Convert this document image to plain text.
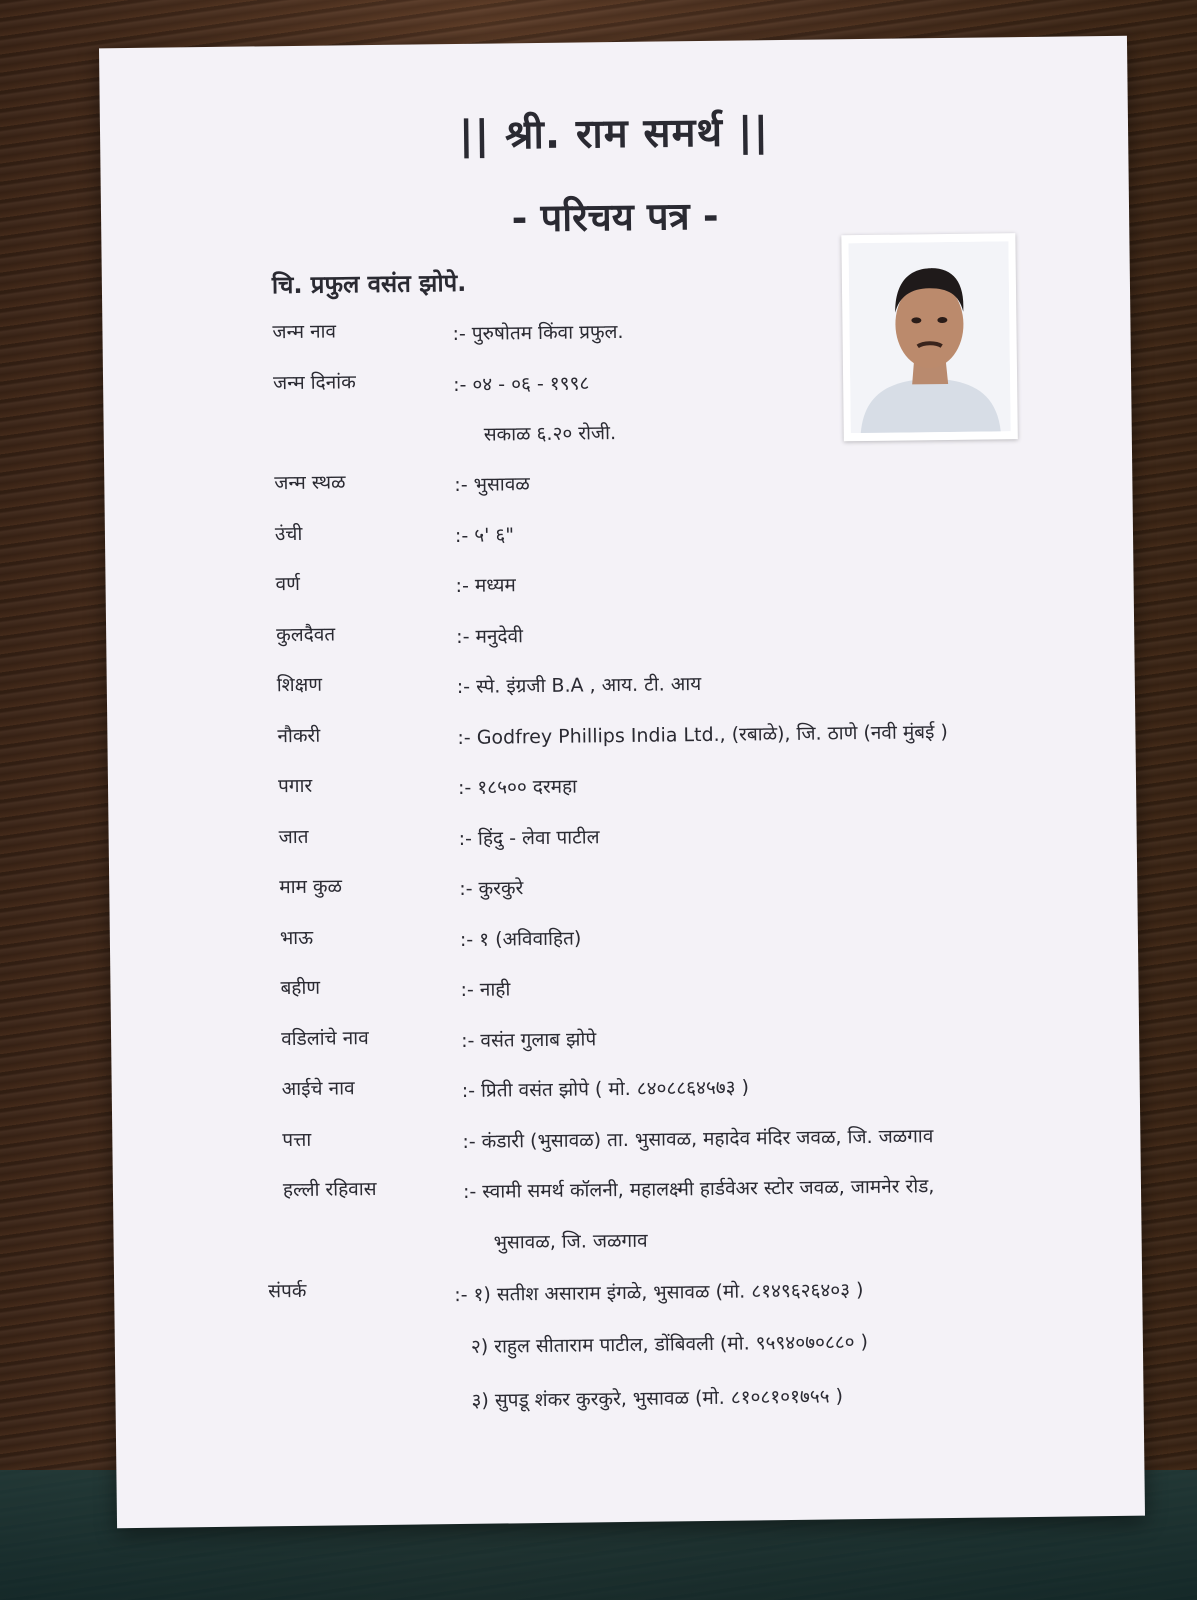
|| श्री. राम समर्थ ||
- परिचय पत्र -
चि. प्रफुल वसंत झोपे.
जन्म नाव	:- पुरुषोतम किंवा प्रफुल.
जन्म दिनांक	:- ०४ - ०६ - १९९८
सकाळ ६.२० रोजी.
जन्म स्थळ	:- भुसावळ
उंची	:- ५' ६"
वर्ण	:- मध्यम
कुलदैवत	:- मनुदेवी
शिक्षण	:- स्पे. इंग्रजी B.A , आय. टी. आय
नौकरी	:- Godfrey Phillips India Ltd., (रबाळे), जि. ठाणे (नवी मुंबई )
पगार	:- १८५०० दरमहा
जात	:- हिंदु - लेवा पाटील
माम कुळ	:- कुरकुरे
भाऊ	:- १ (अविवाहित)
बहीण	:- नाही
वडिलांचे नाव	:- वसंत गुलाब झोपे
आईचे नाव	:- प्रिती वसंत झोपे ( मो. ८४०८८६४५७३ )
पत्ता	:- कंडारी (भुसावळ) ता. भुसावळ, महादेव मंदिर जवळ, जि. जळगाव
हल्ली रहिवास	:- स्वामी समर्थ कॉलनी, महालक्ष्मी हार्डवेअर स्टोर जवळ, जामनेर रोड,
भुसावळ, जि. जळगाव
संपर्क	:- १) सतीश असाराम इंगळे, भुसावळ (मो. ८१४९६२६४०३ )
२) राहुल सीताराम पाटील, डोंबिवली (मो. ९५९४०७०८८० )
३) सुपडू शंकर कुरकुरे, भुसावळ (मो. ८१०८१०१७५५ )
